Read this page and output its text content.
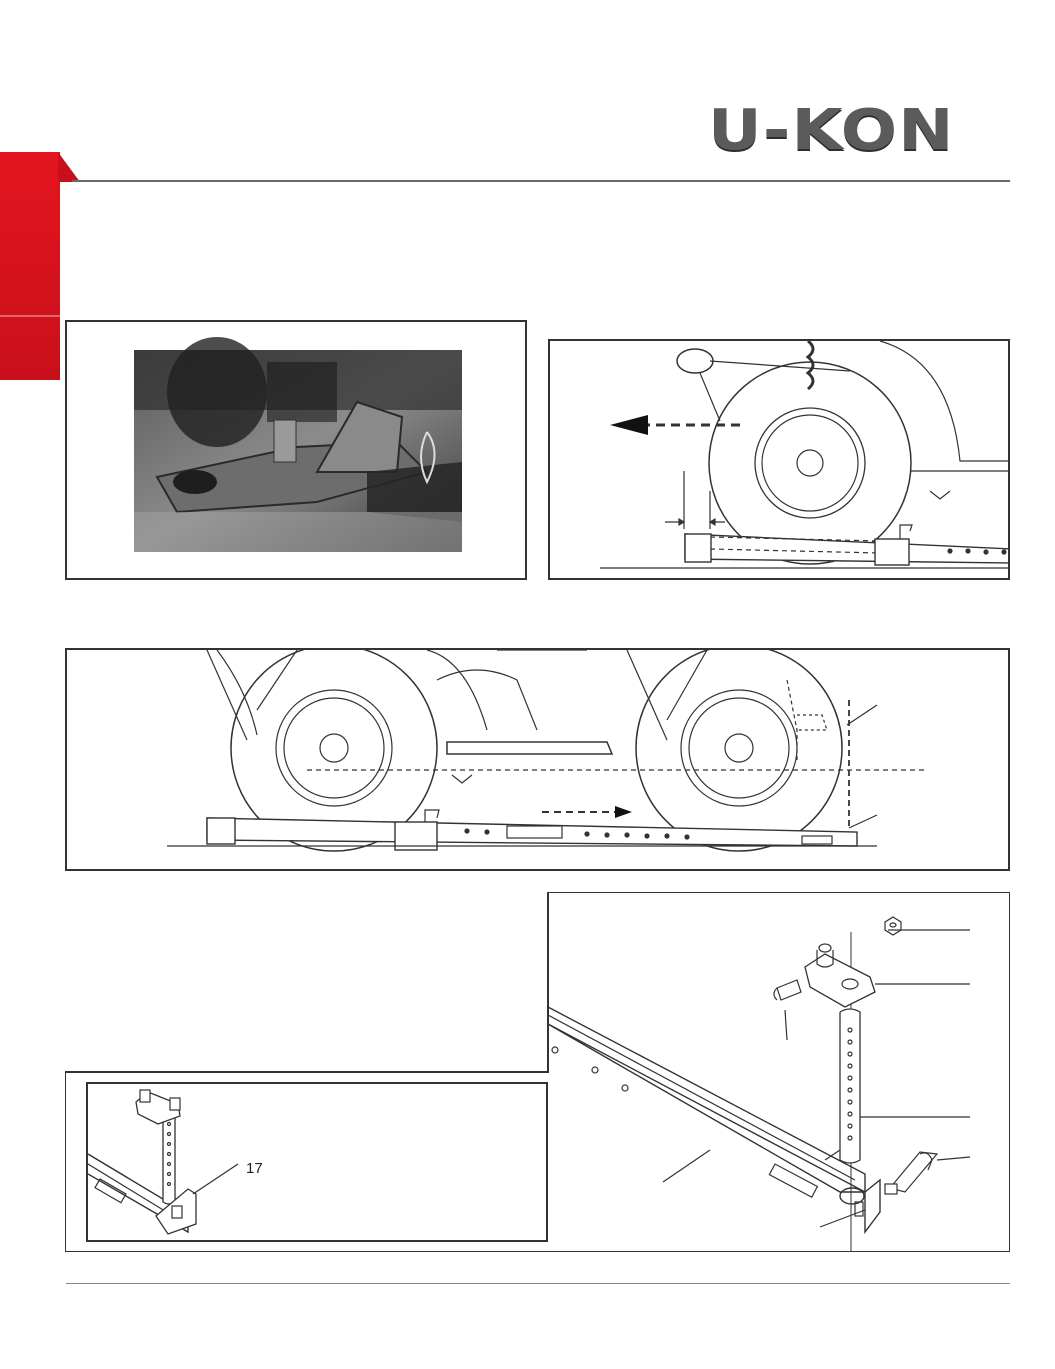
U-KON
17
